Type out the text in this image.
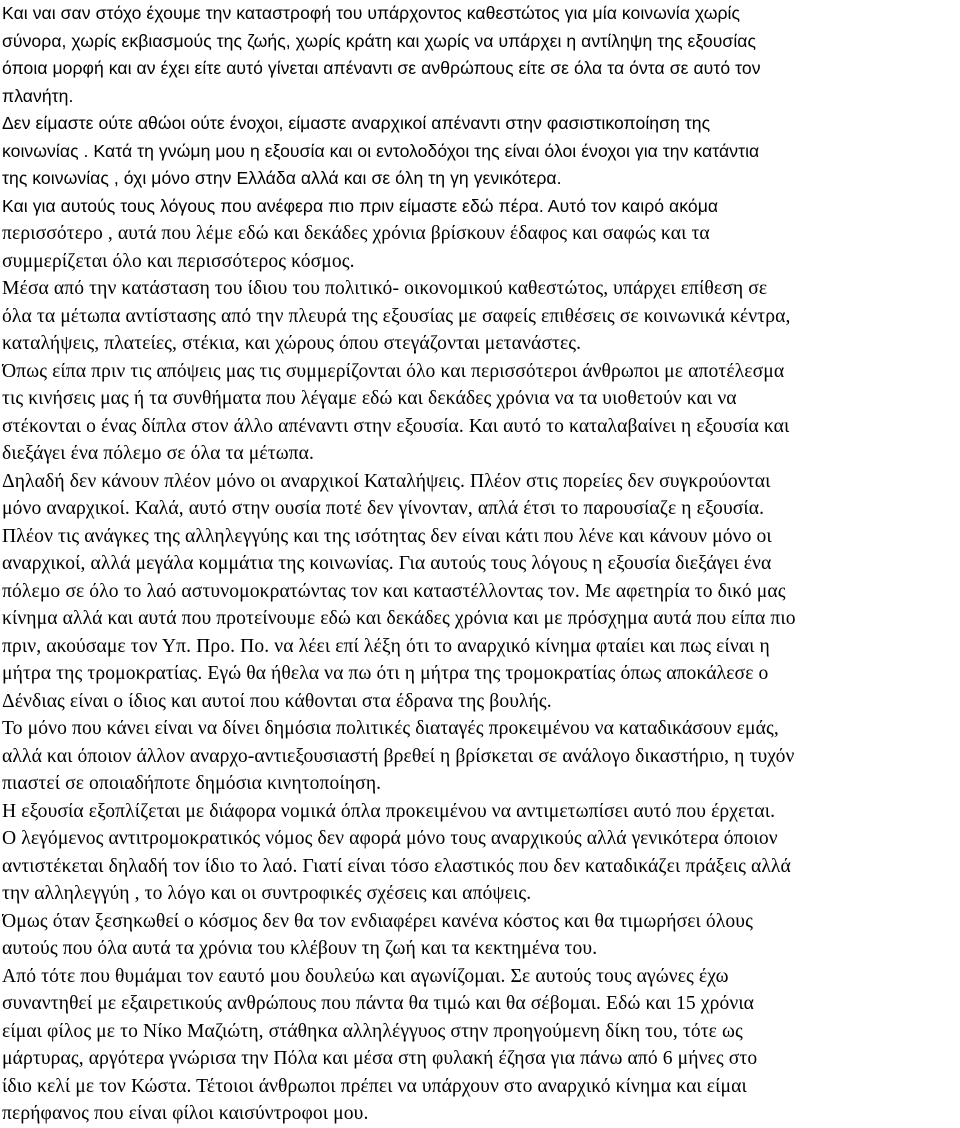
Και ναι σαν στόχο έχουμε την καταστροφή του υπάρχοντος καθεστώτος για μία κοινωνία χωρίς
σύνορα, χωρίς εκβιασμούς της ζωής, χωρίς κράτη και χωρίς να υπάρχει η αντίληψη της εξουσίας
όποια μορφή και αν έχει είτε αυτό γίνεται απέναντι σε ανθρώπους είτε σε όλα τα όντα σε αυτό τον
πλανήτη.
Δεν είμαστε ούτε αθώοι ούτε ένοχοι, είμαστε αναρχικοί απέναντι στην φασιστικοποίηση της
κοινωνίας . Κατά τη γνώμη μου η εξουσία και οι εντολοδόχοι της είναι όλοι ένοχοι για την κατάντια
της κοινωνίας , όχι μόνο στην Ελλάδα αλλά και σε όλη τη γη γενικότερα.
Και για αυτούς τους λόγους που ανέφερα πιο πριν είμαστε εδώ πέρα. Αυτό τον καιρό ακόμα
περισσότερο , αυτά που λέμε εδώ και δεκάδες χρόνια βρίσκουν έδαφος και σαφώς και τα
συμμερίζεται όλο και περισσότερος κόσμος.
Μέσα από την κατάσταση του ίδιου του πολιτικό- οικονομικού καθεστώτος, υπάρχει επίθεση σε
όλα τα μέτωπα αντίστασης από την πλευρά της εξουσίας με σαφείς επιθέσεις σε κοινωνικά κέντρα,
καταλήψεις, πλατείες, στέκια, και χώρους όπου στεγάζονται μετανάστες.
Όπως είπα πριν τις απόψεις μας τις συμμερίζονται όλο και περισσότεροι άνθρωποι με αποτέλεσμα
τις κινήσεις μας ή τα συνθήματα που λέγαμε εδώ και δεκάδες χρόνια να τα υιοθετούν και να
στέκονται ο ένας δίπλα στον άλλο απέναντι στην εξουσία. Και αυτό το καταλαβαίνει η εξουσία και
διεξάγει ένα πόλεμο σε όλα τα μέτωπα.
Δηλαδή δεν κάνουν πλέον μόνο οι αναρχικοί Καταλήψεις. Πλέον στις πορείες δεν συγκρούονται
μόνο αναρχικοί. Καλά, αυτό στην ουσία ποτέ δεν γίνονταν, απλά έτσι το παρουσίαζε η εξουσία.
Πλέον τις ανάγκες της αλληλεγγύης και της ισότητας δεν είναι κάτι που λένε και κάνουν μόνο οι
αναρχικοί, αλλά μεγάλα κομμάτια της κοινωνίας. Για αυτούς τους λόγους η εξουσία διεξάγει ένα
πόλεμο σε όλο το λαό αστυνομοκρατώντας τον και καταστέλλοντας τον. Με αφετηρία το δικό μας
κίνημα αλλά και αυτά που προτείνουμε εδώ και δεκάδες χρόνια και με πρόσχημα αυτά που είπα πιο
πριν, ακούσαμε τον Υπ. Προ. Πο. να λέει επί λέξη ότι το αναρχικό κίνημα φταίει και πως είναι η
μήτρα της τρομοκρατίας. Εγώ θα ήθελα να πω ότι η μήτρα της τρομοκρατίας όπως αποκάλεσε ο
Δένδιας είναι ο ίδιος και αυτοί που κάθονται στα έδρανα της βουλής.
Το μόνο που κάνει είναι να δίνει δημόσια πολιτικές διαταγές προκειμένου να καταδικάσουν εμάς,
αλλά και όποιον άλλον αναρχο-αντιεξουσιαστή βρεθεί η βρίσκεται σε ανάλογο δικαστήριο, η τυχόν
πιαστεί σε οποιαδήποτε δημόσια κινητοποίηση.
Η εξουσία εξοπλίζεται με διάφορα νομικά όπλα προκειμένου να αντιμετωπίσει αυτό που έρχεται.
Ο λεγόμενος αντιτρομοκρατικός νόμος δεν αφορά μόνο τους αναρχικούς αλλά γενικότερα όποιον
αντιστέκεται δηλαδή τον ίδιο το λαό. Γιατί είναι τόσο ελαστικός που δεν καταδικάζει πράξεις αλλά
την αλληλεγγύη , το λόγο και οι συντροφικές σχέσεις και απόψεις.
Όμως όταν ξεσηκωθεί ο κόσμος δεν θα τον ενδιαφέρει κανένα κόστος και θα τιμωρήσει όλους
αυτούς που όλα αυτά τα χρόνια του κλέβουν τη ζωή και τα κεκτημένα του.
Από τότε που θυμάμαι τον εαυτό μου δουλεύω και αγωνίζομαι. Σε αυτούς τους αγώνες έχω
συναντηθεί με εξαιρετικούς ανθρώπους που πάντα θα τιμώ και θα σέβομαι. Εδώ και 15 χρόνια
είμαι φίλος με το Νίκο Μαζιώτη, στάθηκα αλληλέγγυος στην προηγούμενη δίκη του, τότε ως
μάρτυρας, αργότερα γνώρισα την Πόλα και μέσα στη φυλακή έζησα για πάνω από 6 μήνες στο
ίδιο κελί με τον Κώστα. Τέτοιοι άνθρωποι πρέπει να υπάρχουν στο αναρχικό κίνημα και είμαι
περήφανος που είναι φίλοι καισύντροφοι μου.
